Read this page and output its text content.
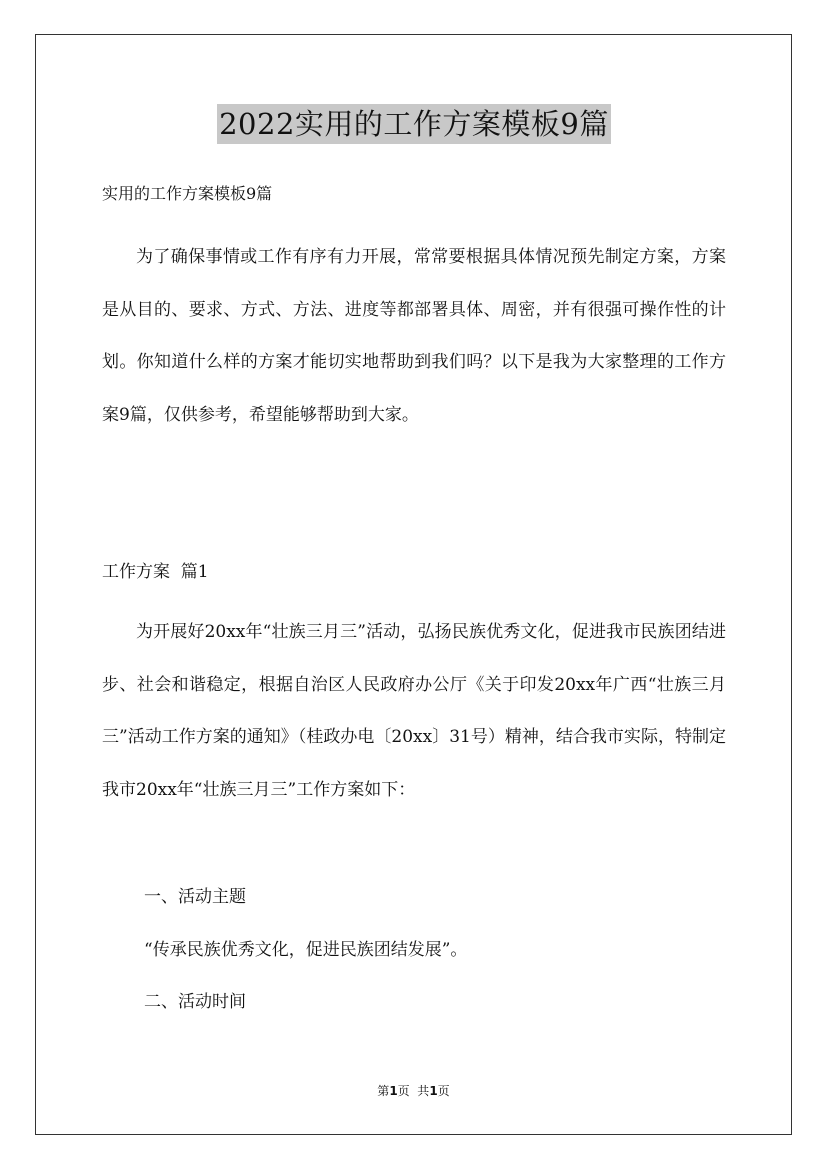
2022实用的工作方案模板9篇
实用的工作方案模板9篇

为了确保事情或工作有序有力开展，常常要根据具体情况预先制定方案，方案是从目的、要求、方式、方法、进度等都部署具体、周密，并有很强可操作性的计划。你知道什么样的方案才能切实地帮助到我们吗？以下是我为大家整理的工作方案9篇，仅供参考，希望能够帮助到大家。

工作方案  篇1

为开展好20xx年“壮族三月三”活动，弘扬民族优秀文化，促进我市民族团结进步、社会和谐稳定，根据自治区人民政府办公厅《关于印发20xx年广西“壮族三月三”活动工作方案的通知》（桂政办电〔20xx〕31号）精神，结合我市实际，特制定我市20xx年“壮族三月三”工作方案如下：

一、活动主题
“传承民族优秀文化，促进民族团结发展”。
二、活动时间
第1页  共1页
